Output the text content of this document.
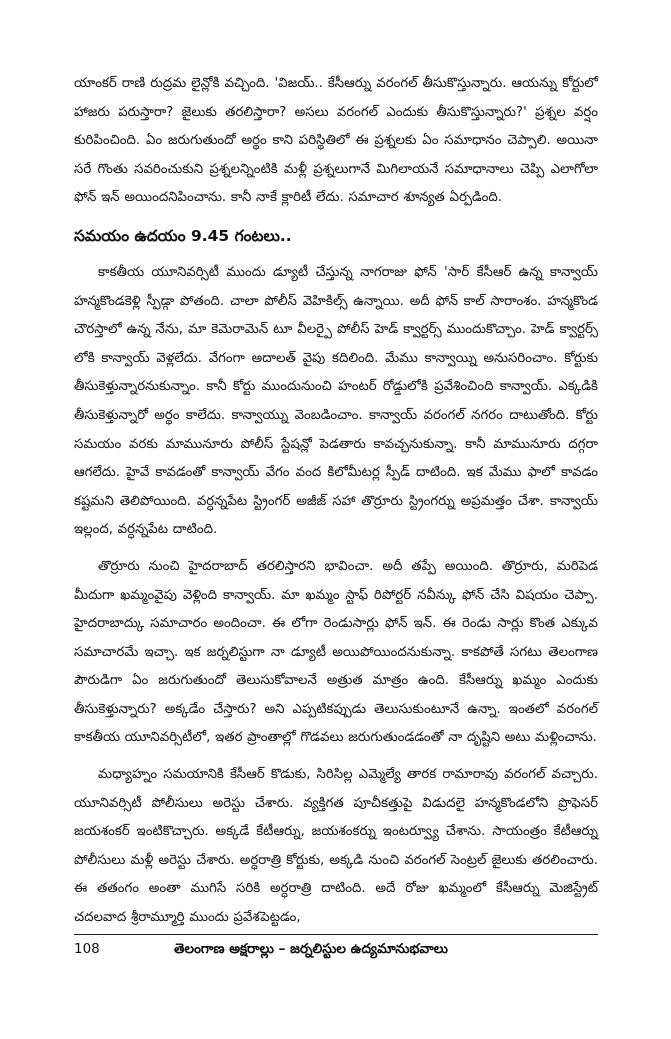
యాంకర్ రాణి రుద్రమ లైన్లోకి వచ్చింది. 'విజయ్.. కేసీఆర్ను వరంగల్ తీసుకొస్తున్నారు. ఆయన్ను కోర్టులో హాజరు పరుస్తారా? జైలుకు తరలిస్తారా? అసలు వరంగల్ ఎందుకు తీసుకొస్తున్నారు?' ప్రశ్నల వర్షం కురిపించింది. ఏం జరుగుతుందో అర్థం కాని పరిస్థితిలో ఈ ప్రశ్నలకు ఏం సమాధానం చెప్పాలి. అయినా సరే గొంతు సవరించుకుని ప్రశ్నలన్నింటికి మళ్లీ ప్రశ్నలుగానే మిగిలాయనే సమాధానాలు చెప్పి ఎలాగోలా ఫోన్ ఇన్ అయిందనిపించాను. కానీ నాకే క్లారిటీ లేదు. సమాచార శూన్యత ఏర్పడింది.

సమయం ఉదయం 9.45 గంటలు..

కాకతీయ యూనివర్సిటీ ముందు డ్యూటీ చేస్తున్న నాగరాజు ఫోన్ 'సార్ కేసీఆర్ ఉన్న కాన్వాయ్ హన్మకొండకెళ్లి స్పీడ్గా పోతంది. చాలా పోలీస్ వెహికిల్స్ ఉన్నాయి. అదీ ఫోన్ కాల్ సారాంశం. హన్మకొండ చౌరస్తాలో ఉన్న నేను, మా కెమెరామెన్ టూ వీలర్పై పోలీస్ హెడ్ క్వార్టర్స్ ముందుకొచ్చాం. హెడ్ క్వార్టర్స్ లోకి కాన్వాయ్ వెళ్లలేదు. వేగంగా అదాలత్ వైపు కదిలింది. మేము కాన్వాయ్ని అనుసరించాం. కోర్టుకు తీసుకెళ్తున్నారనుకున్నాం. కానీ కోర్టు ముందునుంచి హంటర్ రోడ్డులోకి ప్రవేశించింది కాన్వాయ్. ఎక్కడికి తీసుకెళ్తున్నారో అర్థం కాలేదు. కాన్వాయ్ను వెంబడించాం. కాన్వాయ్ వరంగల్ నగరం దాటుతోంది. కోర్టు సమయం వరకు మామునూరు పోలీస్ స్టేషన్లో పెడతారు కావచ్చనుకున్నా. కానీ మామునూరు దగ్గరా ఆగలేదు. హైవే కావడంతో కాన్వాయ్ వేగం వంద కిలోమీటర్ల స్పీడ్ దాటింది. ఇక మేము ఫాలో కావడం కష్టమని తెలిపోయింది. వర్ధన్నపేట స్ట్రింగర్ అజీజ్ సహా తొర్రూరు స్ట్రింగర్ను అప్రమత్తం చేశా. కాన్వాయ్ ఇల్లంద, వర్ధన్నపేట దాటింది.

తొర్రూరు నుంచి హైదరాబాద్ తరలిస్తారని భావించా. అదీ తప్పే అయింది. తొర్రూరు, మరిపెడ మీదుగా ఖమ్మంవైపు వెళ్లింది కాన్వాయ్. మా ఖమ్మం స్టాఫ్ రిపోర్టర్ నవీన్కు ఫోన్ చేసి విషయం చెప్పా. హైదరాబాద్కు సమాచారం అందించా. ఈ లోగా రెండుసార్లు ఫోన్ ఇన్. ఈ రెండు సార్లు కొంత ఎక్కువ సమాచారమే ఇచ్చా. ఇక జర్నలిస్టుగా నా డ్యూటీ అయిపోయిందనుకున్నా. కాకపోతే సగటు తెలంగాణ పౌరుడిగా ఏం జరుగుతుందో తెలుసుకోవాలనే అత్రుత మాత్రం ఉంది. కేసీఆర్ను ఖమ్మం ఎందుకు తీసుకెళ్తున్నారు? అక్కడేం చేస్తారు? అని ఎప్పటికప్పుడు తెలుసుకుంటూనే ఉన్నా. ఇంతలో వరంగల్ కాకతీయ యూనివర్సిటీలో, ఇతర ప్రాంతాల్లో గొడవలు జరుగుతుండడంతో నా దృష్టిని అటు మళ్లించాను.

మధ్యాహ్నం సమయానికి కేసీఆర్ కొడుకు, సిరిసిల్ల ఎమ్మెల్యే తారక రామారావు వరంగల్ వచ్చారు. యూనివర్సిటీ పోలీసులు అరెస్టు చేశారు. వ్యక్తిగత పూచీకత్తుపై విడుదలై హన్మకొండలోని ప్రొఫెసర్ జయశంకర్ ఇంటికొచ్చారు. అక్కడే కేటీఆర్ను, జయశంకర్ను ఇంటర్వ్యూ చేశాను. సాయంత్రం కేటీఆర్ను పోలీసులు మళ్లీ అరెస్టు చేశారు. అర్ధరాత్రి కోర్టుకు, అక్కడి నుంచి వరంగల్ సెంట్రల్ జైలుకు తరలించారు. ఈ తతంగం అంతా ముగిసే సరికి అర్ధరాత్రి దాటింది. అదే రోజు ఖమ్మంలో కేసీఆర్ను మెజిస్ట్రేట్ చదలవాద శ్రీరామ్మూర్తి ముందు ప్రవేశపెట్టడం,

108	తెలంగాణ అక్షరాల్లు – జర్నలిస్టుల ఉద్యమానుభవాలు
